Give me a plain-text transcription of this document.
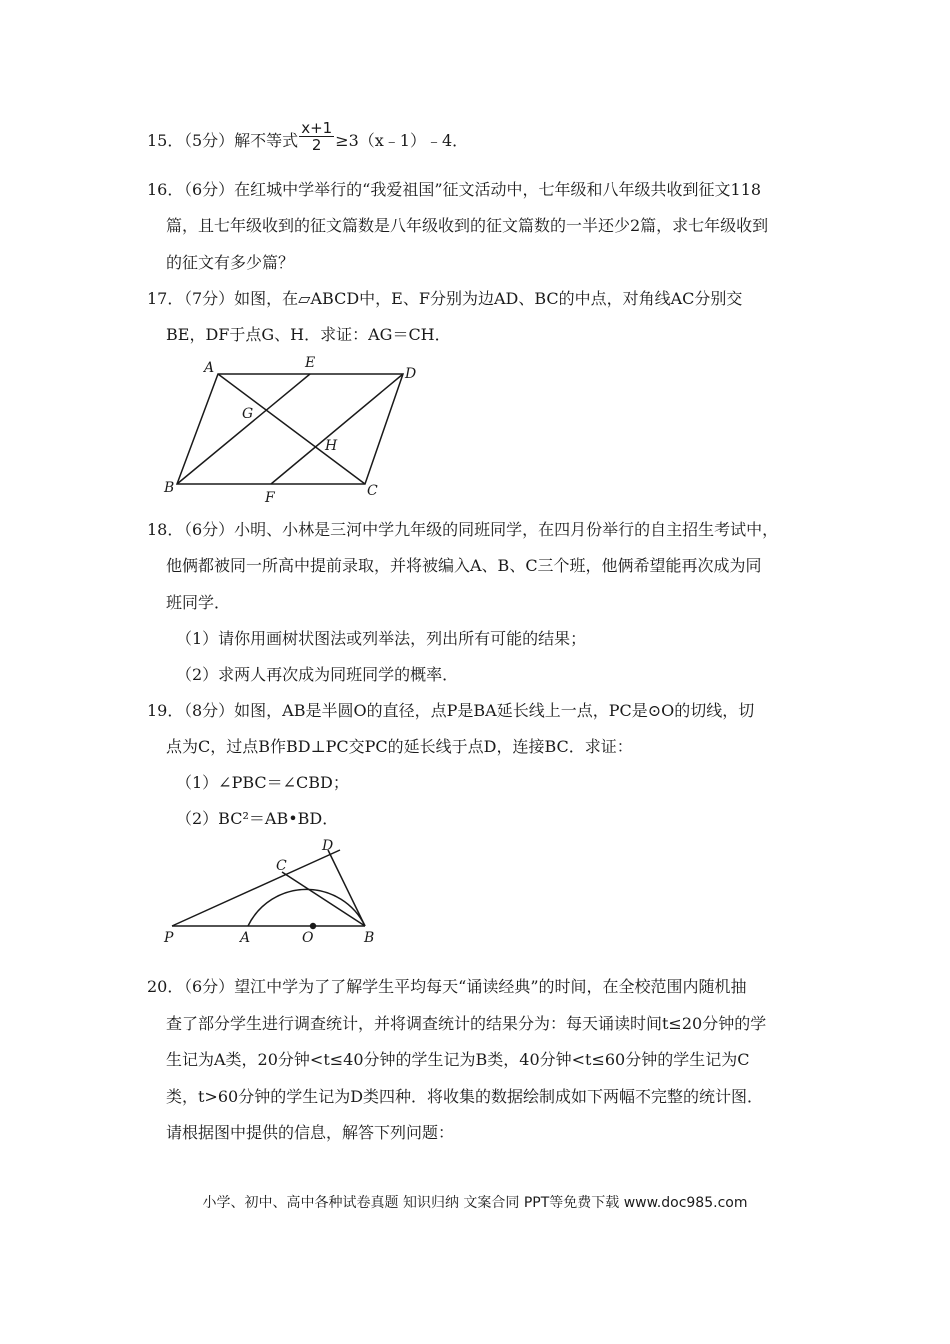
15．
（5分）解不等式 $\frac{x+1}{2}$ ≥3（x﹣1）﹣4．
16．
（6分）在红城中学举行的“我爱祖国”征文活动中，七年级和八年级共收到征文118
篇，且七年级收到的征文篇数是八年级收到的征文篇数的一半还少2篇，求七年级收到
的征文有多少篇？
17．
（7分）如图，在▱ABCD中，E、F分别为边AD、BC的中点，对角线AC分别交
BE，DF于点G、H．求证：AG＝CH．
A	E
D
G
H
B
F	C
18．
（6分）小明、小林是三河中学九年级的同班同学，在四月份举行的自主招生考试中，
他俩都被同一所高中提前录取，并将被编入A、B、C三个班，他俩希望能再次成为同
班同学．
（1）请你用画树状图法或列举法，列出所有可能的结果；
（2）求两人再次成为同班同学的概率．
19．
（8分）如图，AB是半圆O的直径，点P是BA延长线上一点，PC是⊙O的切线，切
点为C，过点B作BD⊥PC交PC的延长线于点D，连接BC．求证：
（1）∠PBC＝∠CBD；
（2）BC²＝AB•BD．
D
C
P	A	O	B
20．
（6分）望江中学为了了解学生平均每天“诵读经典”的时间，在全校范围内随机抽
查了部分学生进行调查统计，并将调查统计的结果分为：每天诵读时间t≤20分钟的学
生记为A类，20分钟<t≤40分钟的学生记为B类，40分钟<t≤60分钟的学生记为C
类，t>60分钟的学生记为D类四种．将收集的数据绘制成如下两幅不完整的统计图．
请根据图中提供的信息，解答下列问题：
小学、初中、高中各种试卷真题 知识归纳 文案合同 PPT等免费下载 www.doc985.com
